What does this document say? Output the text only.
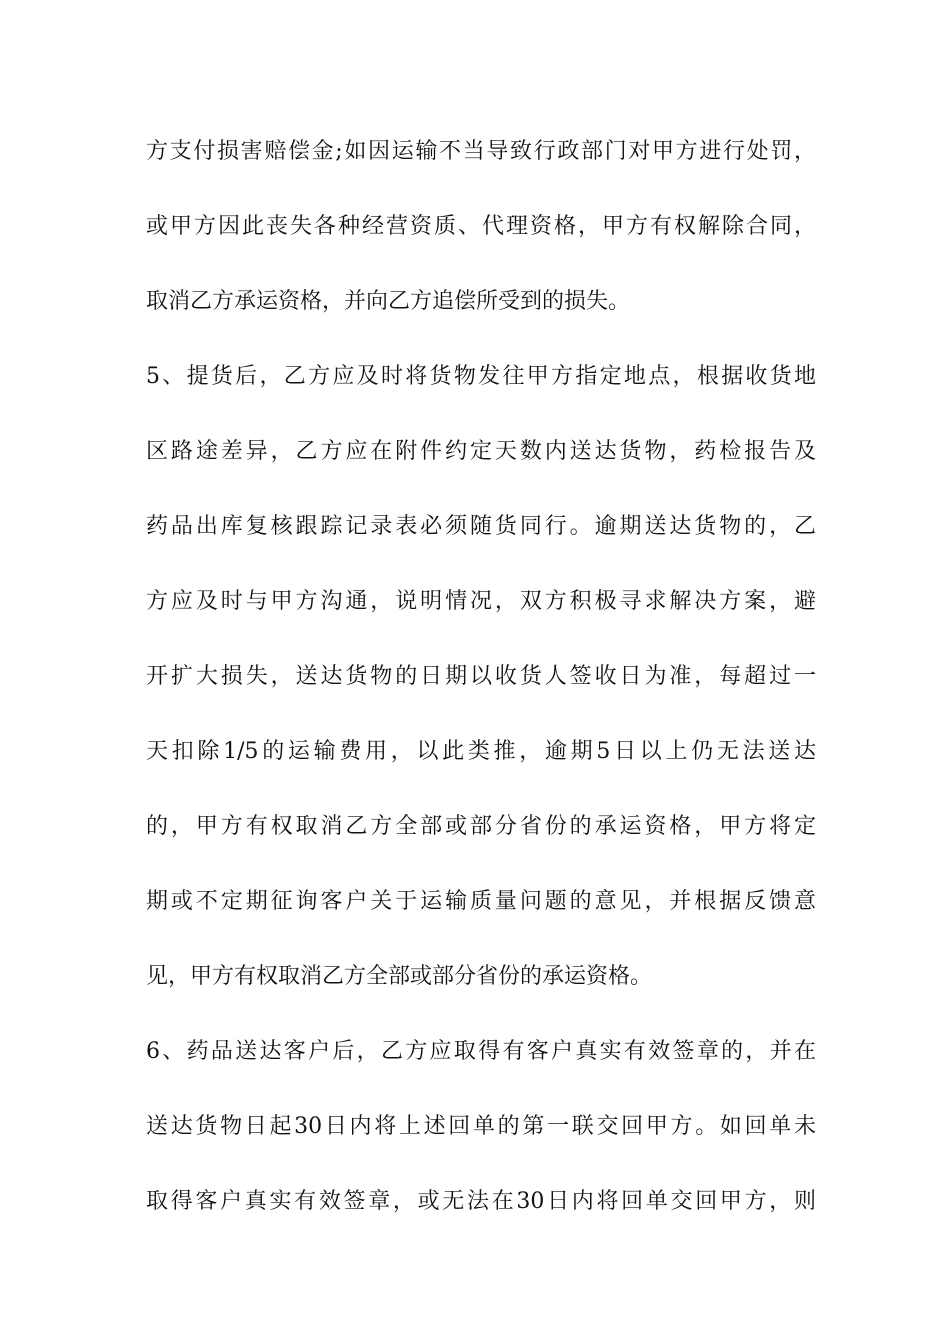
方支付损害赔偿金;如因运输不当导致行政部门对甲方进行处罚，
或甲方因此丧失各种经营资质、代理资格，甲方有权解除合同，
取消乙方承运资格，并向乙方追偿所受到的损失。
5、提货后，乙方应及时将货物发往甲方指定地点，根据收货地
区路途差异，乙方应在附件约定天数内送达货物，药检报告及
药品出库复核跟踪记录表必须随货同行。逾期送达货物的，乙
方应及时与甲方沟通，说明情况，双方积极寻求解决方案，避
开扩大损失，送达货物的日期以收货人签收日为准，每超过一
天扣除1/5的运输费用，以此类推，逾期5日以上仍无法送达
的，甲方有权取消乙方全部或部分省份的承运资格，甲方将定
期或不定期征询客户关于运输质量问题的意见，并根据反馈意
见，甲方有权取消乙方全部或部分省份的承运资格。
6、药品送达客户后，乙方应取得有客户真实有效签章的，并在
送达货物日起30日内将上述回单的第一联交回甲方。如回单未
取得客户真实有效签章，或无法在30日内将回单交回甲方，则
